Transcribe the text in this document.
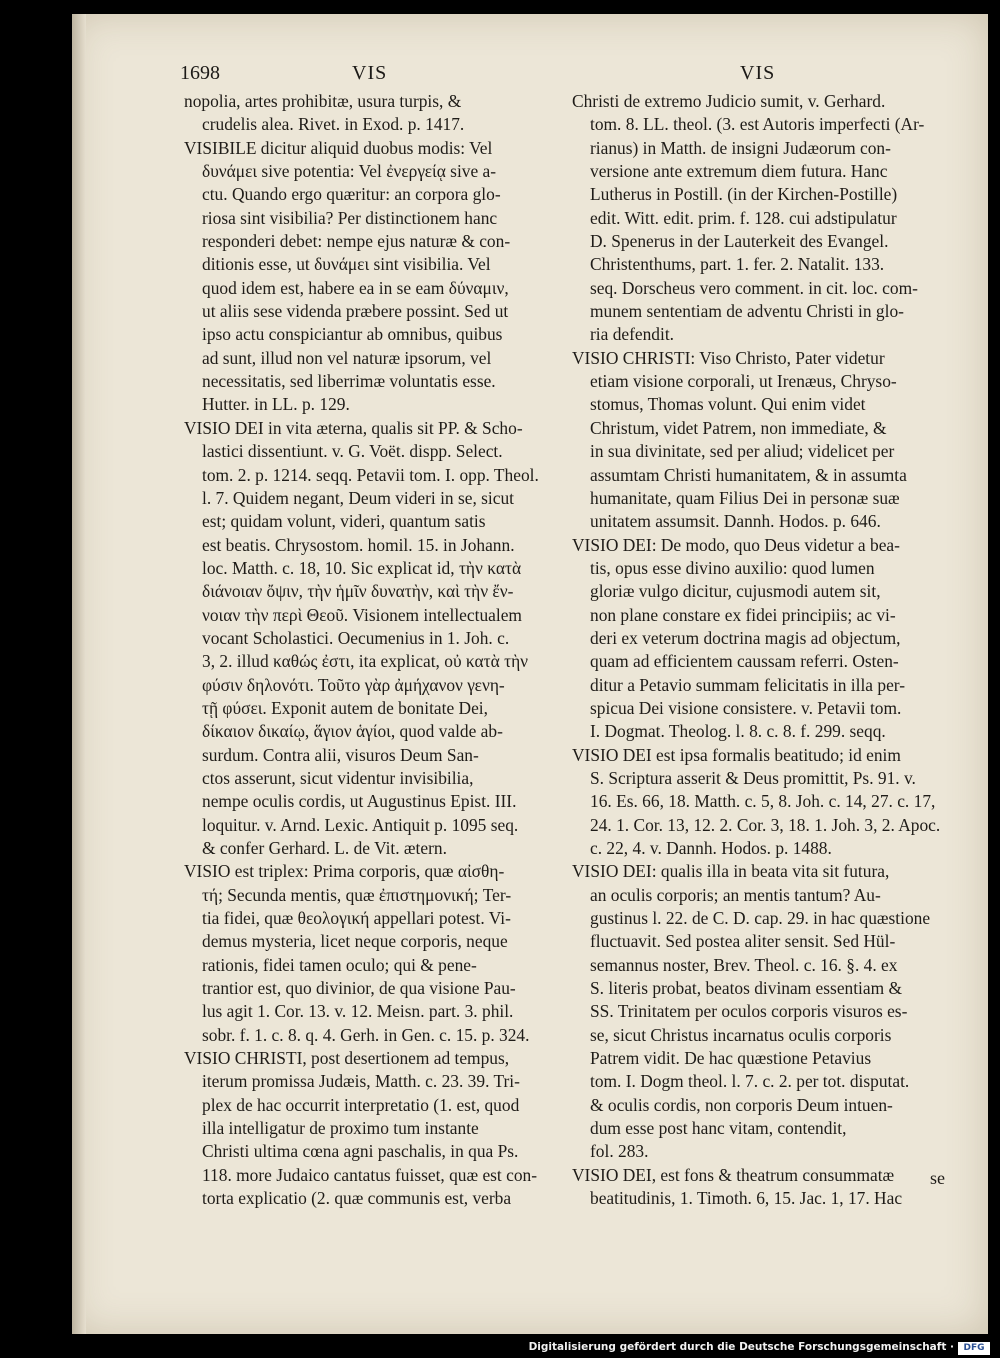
1698	VIS	VIS
nopolia, artes prohibitæ, usura turpis, &
crudelis alea. Rivet. in Exod. p. 1417.
VISIBILE dicitur aliquid duobus modis: Vel
δυνάμει sive potentia: Vel ἐνεργείᾳ sive a-
ctu. Quando ergo quæritur: an corpora glo-
riosa sint visibilia? Per distinctionem hanc
responderi debet: nempe ejus naturæ & con-
ditionis esse, ut δυνάμει sint visibilia. Vel
quod idem est, habere ea in se eam δύναμιν,
ut aliis sese videnda præbere possint. Sed ut
ipso actu conspiciantur ab omnibus, quibus
ad sunt, illud non vel naturæ ipsorum, vel
necessitatis, sed liberrimæ voluntatis esse.
Hutter. in LL. p. 129.
VISIO DEI in vita æterna, qualis sit PP. & Scho-
lastici dissentiunt. v. G. Voët. dispp. Select.
tom. 2. p. 1214. seqq. Petavii tom. I. opp. Theol.
l. 7. Quidem negant, Deum videri in se, sicut
est; quidam volunt, videri, quantum satis
est beatis. Chrysostom. homil. 15. in Johann.
loc. Matth. c. 18, 10. Sic explicat id, τὴν κατὰ
διάνοιαν ὄψιν, τὴν ἡμῖν δυνατὴν, καὶ τὴν ἔν-
νοιαν τὴν περὶ Θεοῦ. Visionem intellectualem
vocant Scholastici. Oecumenius in 1. Joh. c.
3, 2. illud καθώς ἐστι, ita explicat, οὐ κατὰ τὴν
φύσιν δηλονότι. Τοῦτο γὰρ ἀμήχανον γενη-
τῇ φύσει. Exponit autem de bonitate Dei,
δίκαιον δικαίῳ, ἅγιον ἁγίοι, quod valde ab-
surdum. Contra alii, visuros Deum San-
ctos asserunt, sicut videntur invisibilia,
nempe oculis cordis, ut Augustinus Epist. III.
loquitur. v. Arnd. Lexic. Antiquit p. 1095 seq.
& confer Gerhard. L. de Vit. ætern.
VISIO est triplex: Prima corporis, quæ αἰσθη-
τή; Secunda mentis, quæ ἐπιστημονική; Ter-
tia fidei, quæ θεολογική appellari potest. Vi-
demus mysteria, licet neque corporis, neque
rationis, fidei tamen oculo; qui & pene-
trantior est, quo divinior, de qua visione Pau-
lus agit 1. Cor. 13. v. 12. Meisn. part. 3. phil.
sobr. f. 1. c. 8. q. 4. Gerh. in Gen. c. 15. p. 324.
VISIO CHRISTI, post desertionem ad tempus,
iterum promissa Judæis, Matth. c. 23. 39. Tri-
plex de hac occurrit interpretatio (1. est, quod
illa intelligatur de proximo tum instante
Christi ultima cœna agni paschalis, in qua Ps.
118. more Judaico cantatus fuisset, quæ est con-
torta explicatio (2. quæ communis est, verba
Christi de extremo Judicio sumit, v. Gerhard.
tom. 8. LL. theol. (3. est Autoris imperfecti (Ar-
rianus) in Matth. de insigni Judæorum con-
versione ante extremum diem futura. Hanc
Lutherus in Postill. (in der Kirchen-Postille)
edit. Witt. edit. prim. f. 128. cui adstipulatur
D. Spenerus in der Lauterkeit des Evangel.
Christenthums, part. 1. fer. 2. Natalit. 133.
seq. Dorscheus vero comment. in cit. loc. com-
munem sententiam de adventu Christi in glo-
ria defendit.
VISIO CHRISTI: Viso Christo, Pater videtur
etiam visione corporali, ut Irenæus, Chryso-
stomus, Thomas volunt. Qui enim videt
Christum, videt Patrem, non immediate, &
in sua divinitate, sed per aliud; videlicet per
assumtam Christi humanitatem, & in assumta
humanitate, quam Filius Dei in personæ suæ
unitatem assumsit. Dannh. Hodos. p. 646.
VISIO DEI: De modo, quo Deus videtur a bea-
tis, opus esse divino auxilio: quod lumen
gloriæ vulgo dicitur, cujusmodi autem sit,
non plane constare ex fidei principiis; ac vi-
deri ex veterum doctrina magis ad objectum,
quam ad efficientem caussam referri. Osten-
ditur a Petavio summam felicitatis in illa per-
spicua Dei visione consistere. v. Petavii tom.
I. Dogmat. Theolog. l. 8. c. 8. f. 299. seqq.
VISIO DEI est ipsa formalis beatitudo; id enim
S. Scriptura asserit & Deus promittit, Ps. 91. v.
16. Es. 66, 18. Matth. c. 5, 8. Joh. c. 14, 27. c. 17,
24. 1. Cor. 13, 12. 2. Cor. 3, 18. 1. Joh. 3, 2. Apoc.
c. 22, 4. v. Dannh. Hodos. p. 1488.
VISIO DEI: qualis illa in beata vita sit futura,
an oculis corporis; an mentis tantum? Au-
gustinus l. 22. de C. D. cap. 29. in hac quæstione
fluctuavit. Sed postea aliter sensit. Sed Hül-
semannus noster, Brev. Theol. c. 16. §. 4. ex
S. literis probat, beatos divinam essentiam &
SS. Trinitatem per oculos corporis visuros es-
se, sicut Christus incarnatus oculis corporis
Patrem vidit. De hac quæstione Petavius
tom. I. Dogm theol. l. 7. c. 2. per tot. disputat.
& oculis cordis, non corporis Deum intuen-
dum esse post hanc vitam, contendit,
fol. 283.
VISIO DEI, est fons & theatrum consummatæ
beatitudinis, 1. Timoth. 6, 15. Jac. 1, 17. Hac
se
Digitalisierung gefördert durch die Deutsche Forschungsgemeinschaft ·	DFG
